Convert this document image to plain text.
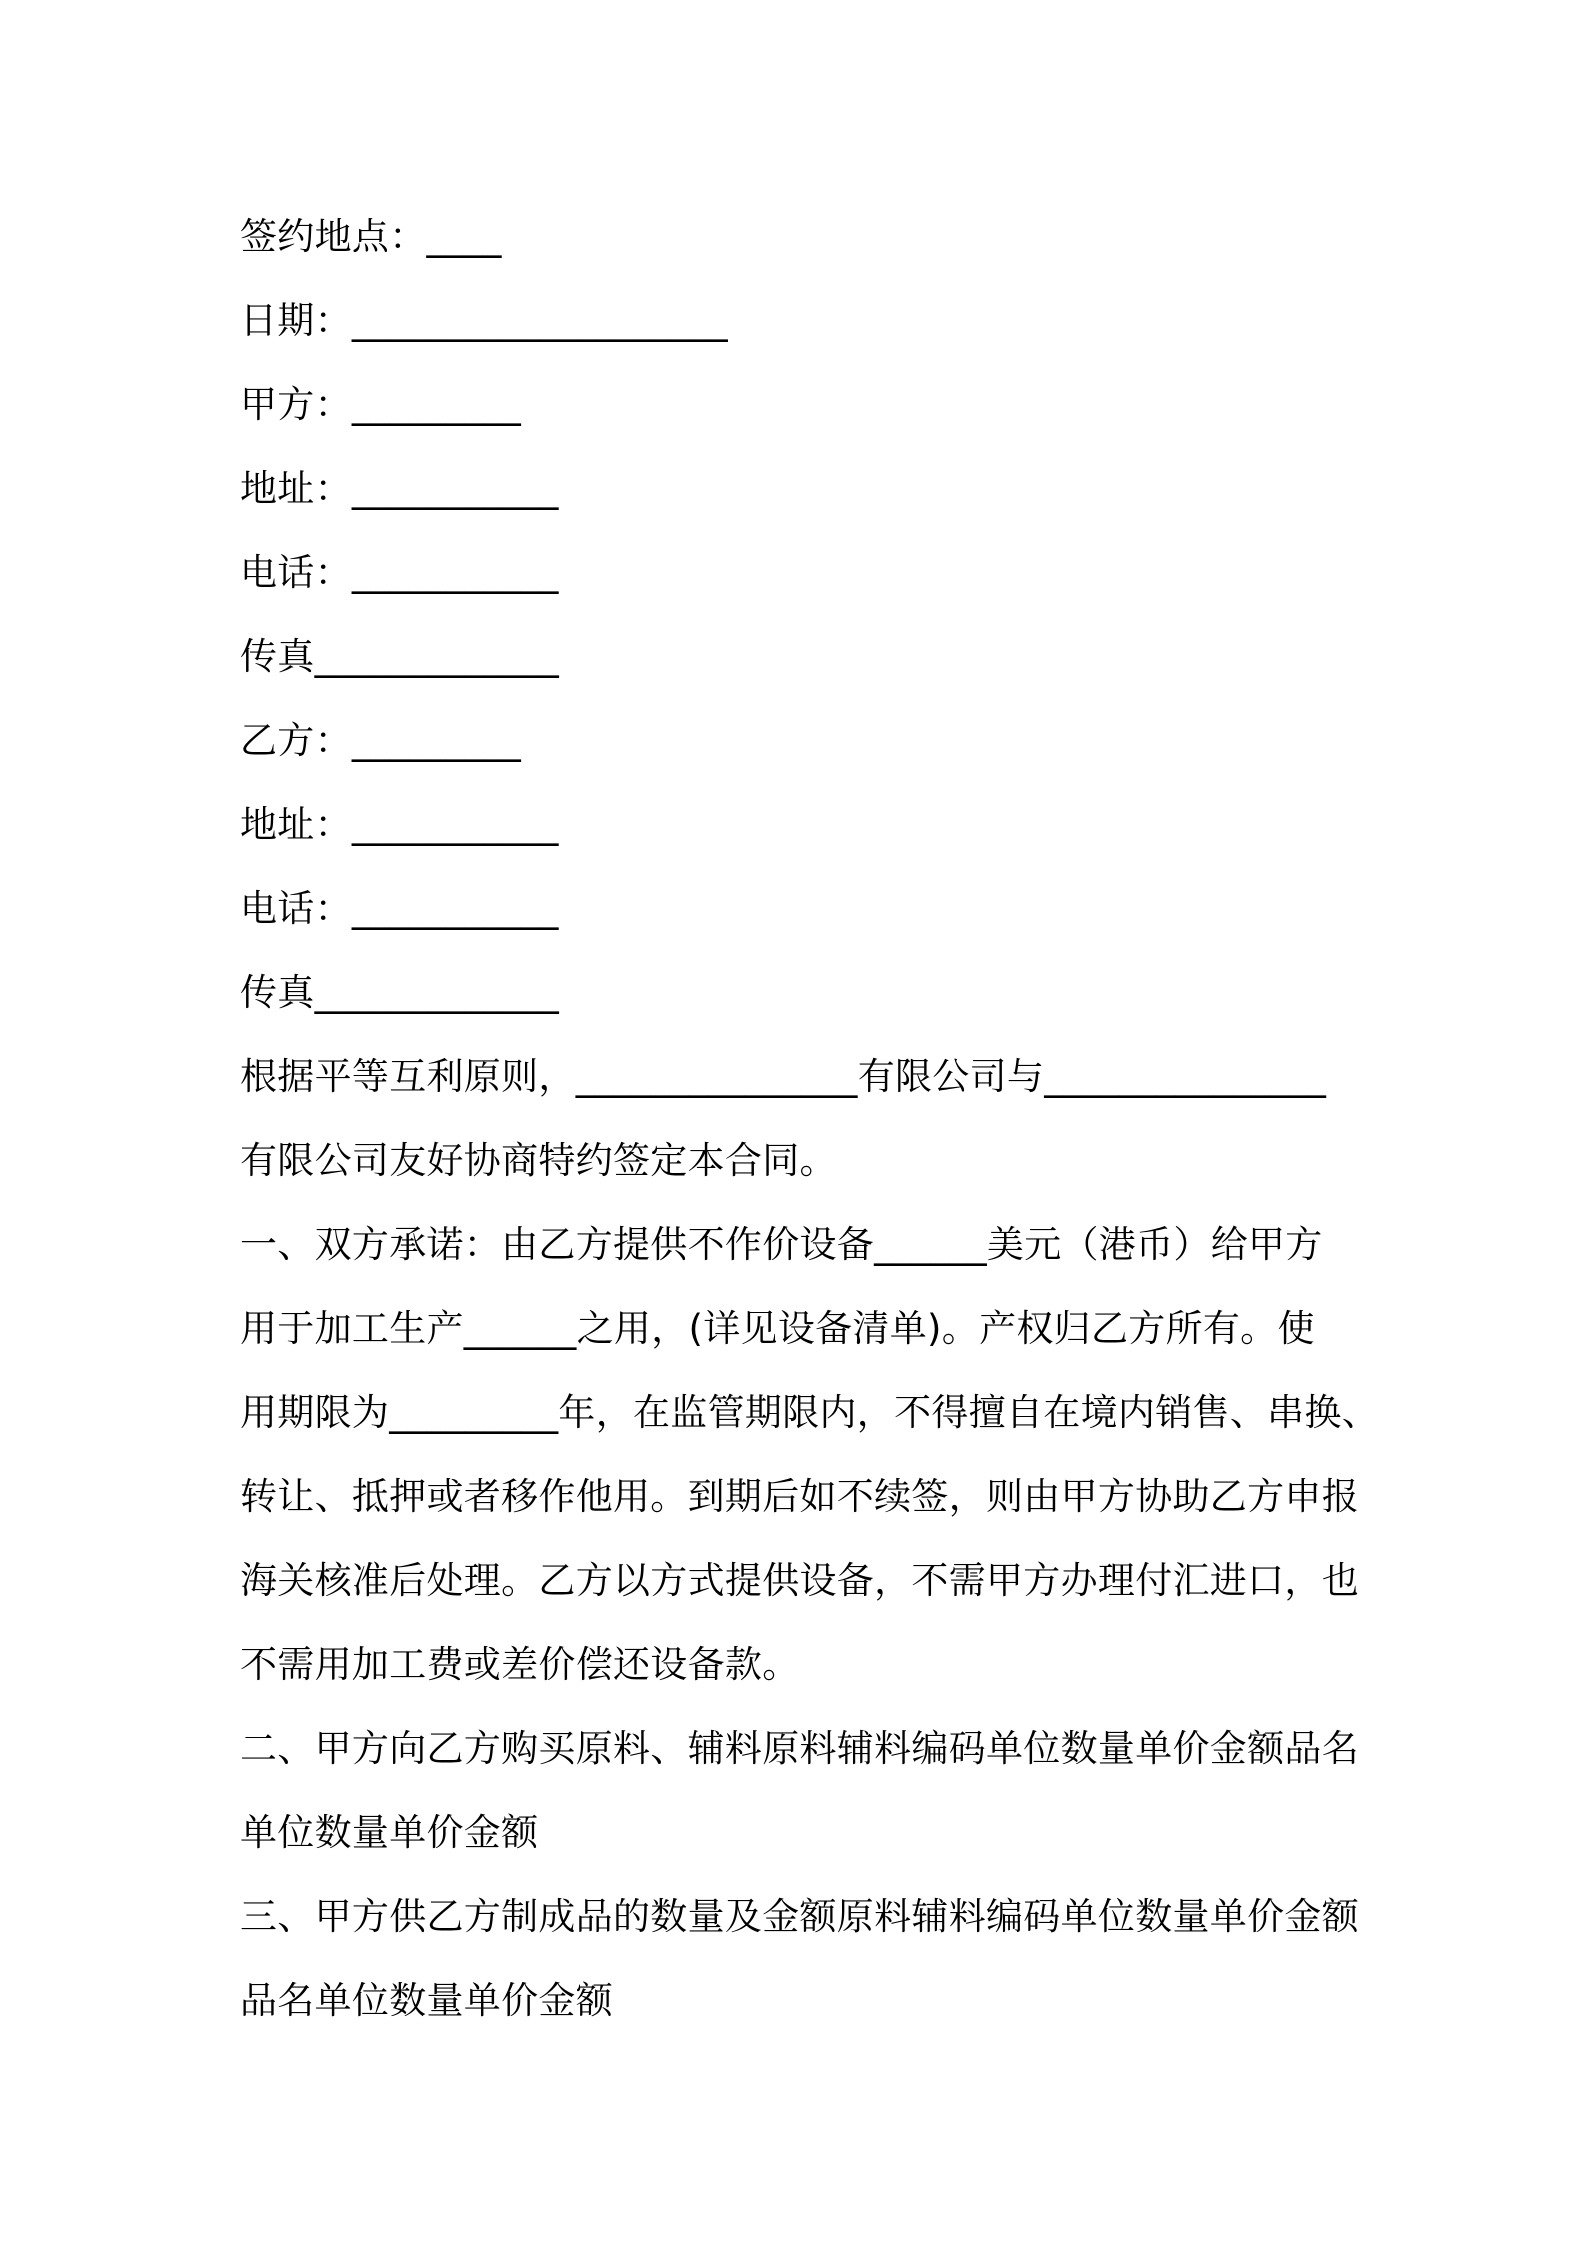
签约地点：____
日期：____________________
甲方：_________
地址：___________
电话：___________
传真_____________
乙方：_________
地址：___________
电话：___________
传真_____________
根据平等互利原则，_______________有限公司与_______________
有限公司友好协商特约签定本合同。
一、双方承诺：由乙方提供不作价设备______美元（港币）给甲方
用于加工生产______之用，(详见设备清单)。产权归乙方所有。使
用期限为_________年，在监管期限内，不得擅自在境内销售、串换、
转让、抵押或者移作他用。到期后如不续签，则由甲方协助乙方申报
海关核准后处理。乙方以方式提供设备，不需甲方办理付汇进口，也
不需用加工费或差价偿还设备款。
二、甲方向乙方购买原料、辅料原料辅料编码单位数量单价金额品名
单位数量单价金额
三、甲方供乙方制成品的数量及金额原料辅料编码单位数量单价金额
品名单位数量单价金额
